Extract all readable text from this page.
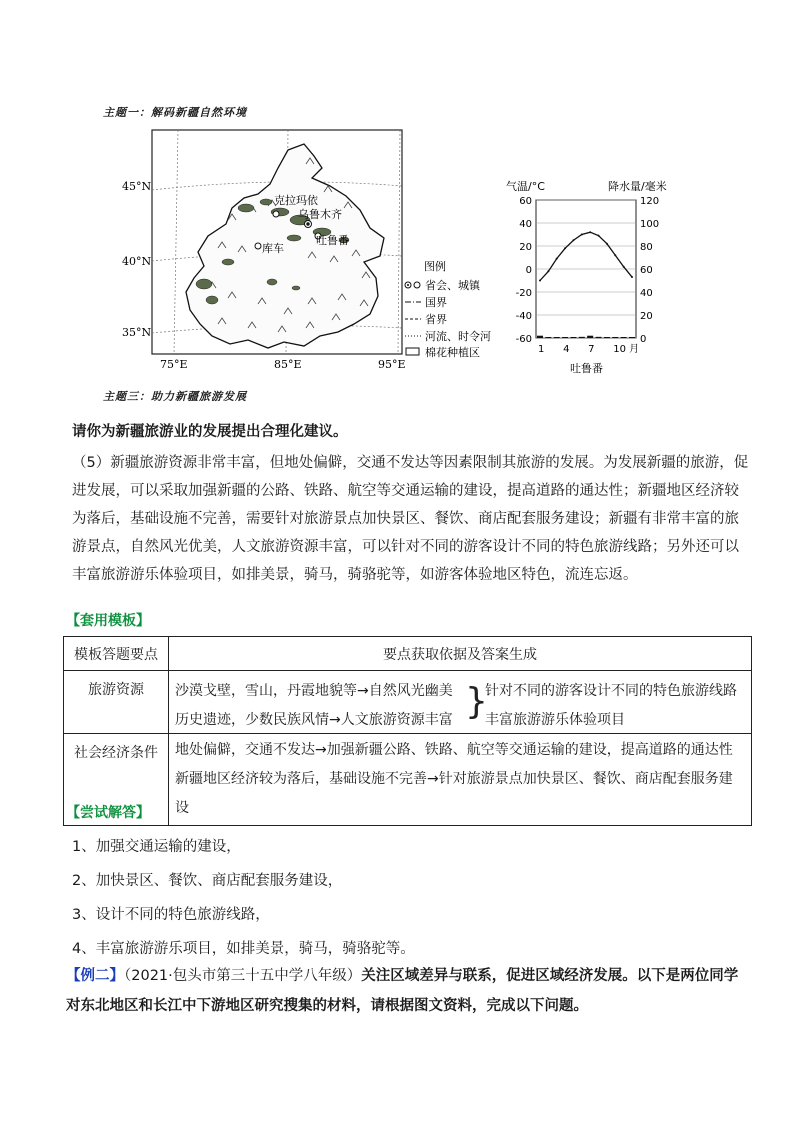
主题一：解码新疆自然环境
克拉玛依
乌鲁木齐
吐鲁番
库车
45°N
40°N
35°N
75°E	85°E	95°E
图例
省会、城镇
国界
省界
河流、时令河
棉花种植区
气温/°C	降水量/毫米
60	120
40	100
20	80
0	60
-20	40
-40	20
-60	0
1 4 7 10 月
吐鲁番
主题三：助力新疆旅游发展
请你为新疆旅游业的发展提出合理化建议。
（5）新疆旅游资源非常丰富，但地处偏僻，交通不发达等因素限制其旅游的发展。为发展新疆的旅游，促
进发展，可以采取加强新疆的公路、铁路、航空等交通运输的建设，提高道路的通达性；新疆地区经济较
为落后，基础设施不完善，需要针对旅游景点加快景区、餐饮、商店配套服务建设；新疆有非常丰富的旅
游景点，自然风光优美，人文旅游资源丰富，可以针对不同的游客设计不同的特色旅游线路；另外还可以
丰富旅游游乐体验项目，如排美景，骑马，骑骆驼等，如游客体验地区特色，流连忘返。
【套用模板】
模板答题要点	要点获取依据及答案生成
旅游资源	沙漠戈壁，雪山，丹霞地貌等→自然风光幽美
历史遗迹，少数民族风情→人文旅游资源丰富 }
针对不同的游客设计不同的特色旅游线路
丰富旅游游乐体验项目

社会经济条件	地处偏僻，交通不发达→加强新疆公路、铁路、航空等交通运输的建设，提高道路的通达性
新疆地区经济较为落后，基础设施不完善→针对旅游景点加快景区、餐饮、商店配套服务建设
【尝试解答】
1、加强交通运输的建设，
2、加快景区、餐饮、商店配套服务建设，
3、设计不同的特色旅游线路，
4、丰富旅游游乐项目，如排美景，骑马，骑骆驼等。
【例二】（2021·包头市第三十五中学八年级）关注区域差异与联系，促进区域经济发展。以下是两位同学
对东北地区和长江中下游地区研究搜集的材料，请根据图文资料，完成以下问题。
